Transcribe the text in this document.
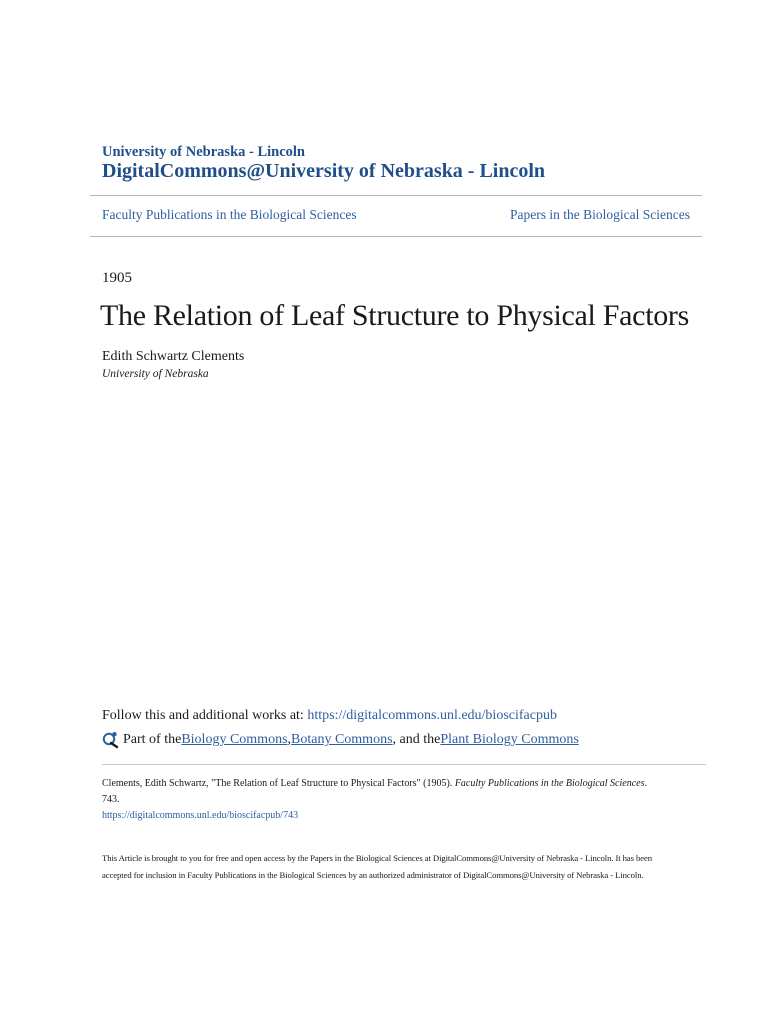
University of Nebraska - Lincoln
DigitalCommons@University of Nebraska - Lincoln
Faculty Publications in the Biological Sciences	Papers in the Biological Sciences
1905
The Relation of Leaf Structure to Physical Factors
Edith Schwartz Clements
University of Nebraska
Follow this and additional works at: https://digitalcommons.unl.edu/bioscifacpub
Part of the Biology Commons , Botany Commons , and the Plant Biology Commons
Clements, Edith Schwartz, "The Relation of Leaf Structure to Physical Factors" (1905). Faculty Publications in the Biological Sciences.
743.
https://digitalcommons.unl.edu/bioscifacpub/743
This Article is brought to you for free and open access by the Papers in the Biological Sciences at DigitalCommons@University of Nebraska - Lincoln. It has been accepted for inclusion in Faculty Publications in the Biological Sciences by an authorized administrator of DigitalCommons@University of Nebraska - Lincoln.
